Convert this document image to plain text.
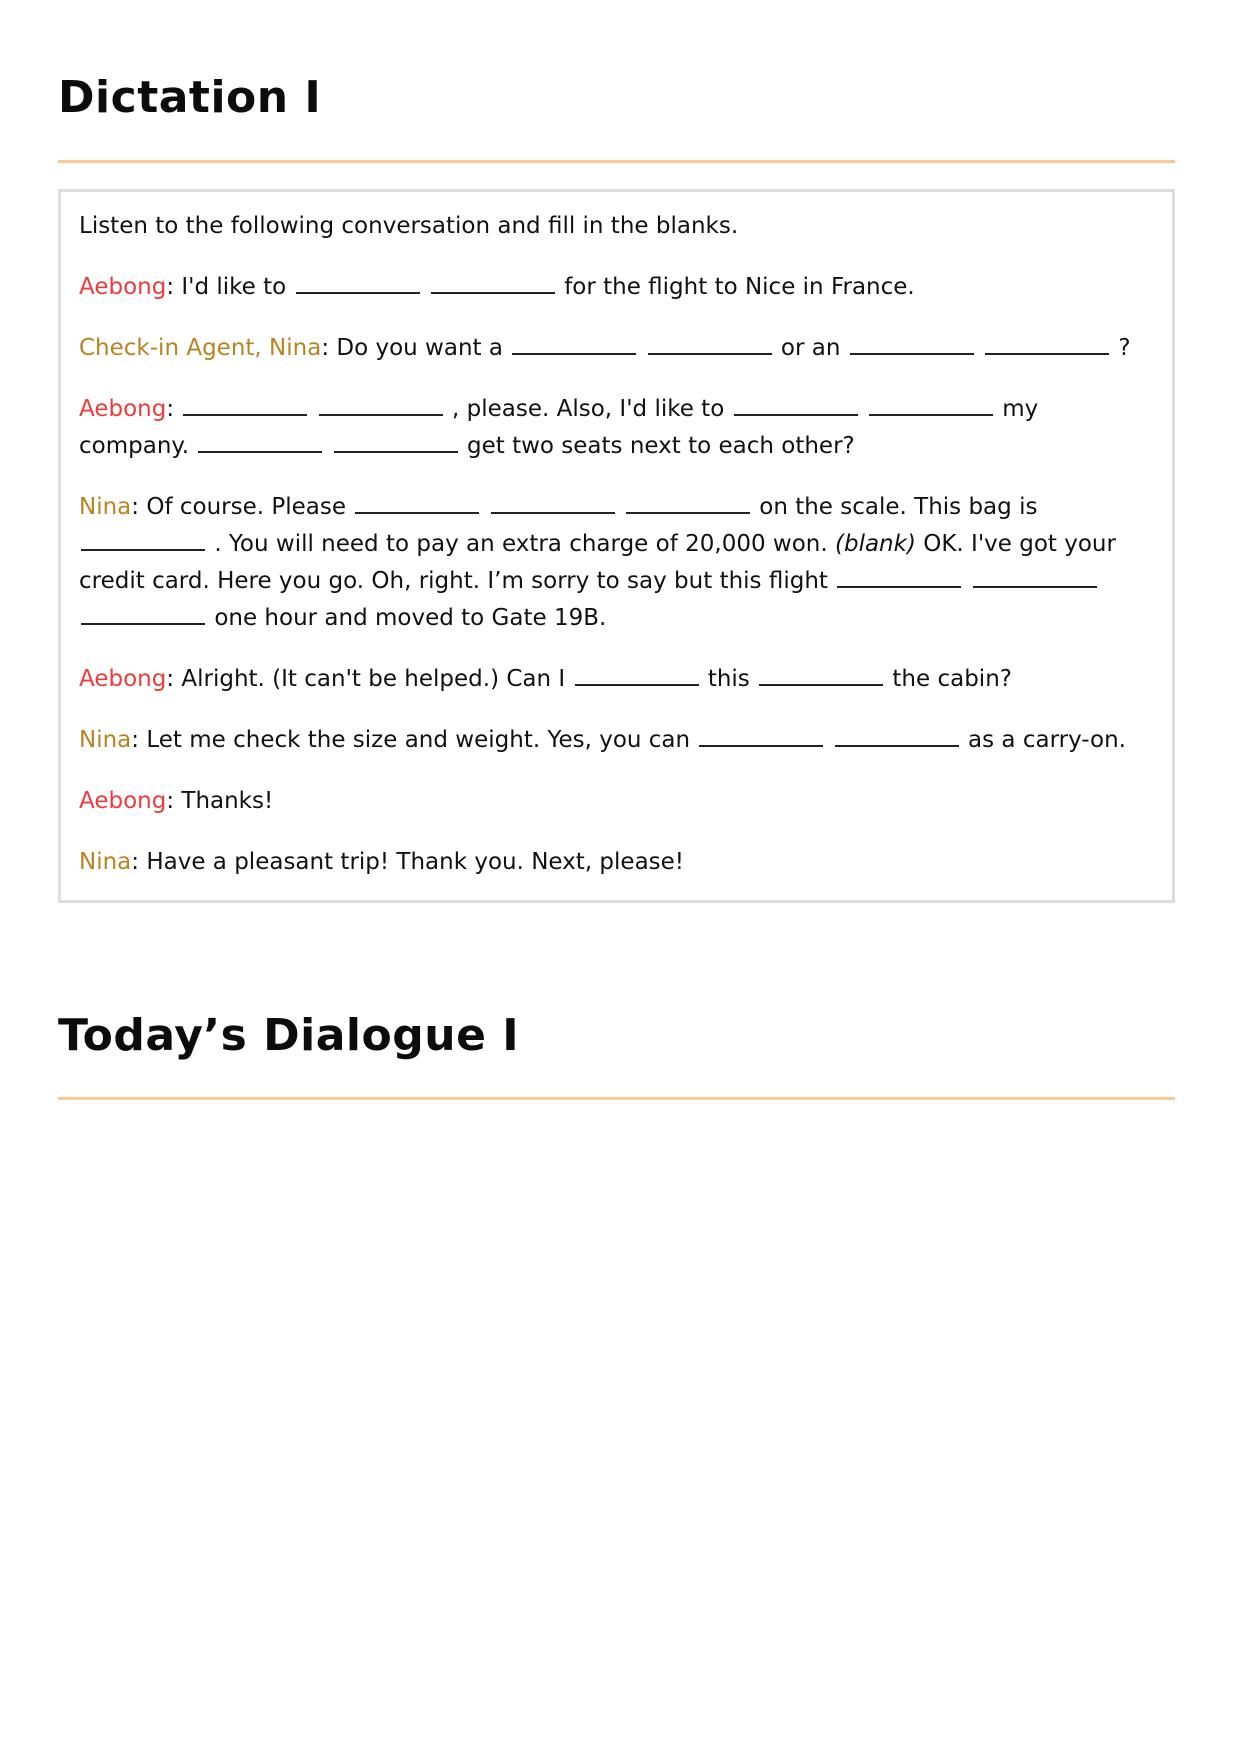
Dictation I

Listen to the following conversation and fill in the blanks.

Aebong: I'd like to	for the flight to Nice in France.

Check-in Agent, Nina: Do you want a	or an	?

Aebong:	, please. Also, I'd like to	my company.	get two seats next to each other?

Nina: Of course. Please	on the scale. This bag is  . You will need to pay an extra charge of 20,000 won. (blank) OK. I've got your credit card. Here you go. Oh, right. I’m sorry to say but this flight    one hour and moved to Gate 19B.

Aebong: Alright. (It can't be helped.) Can I	this	the cabin?

Nina: Let me check the size and weight. Yes, you can	as a carry-on.

Aebong: Thanks!

Nina: Have a pleasant trip! Thank you. Next, please!

Today’s Dialogue I
